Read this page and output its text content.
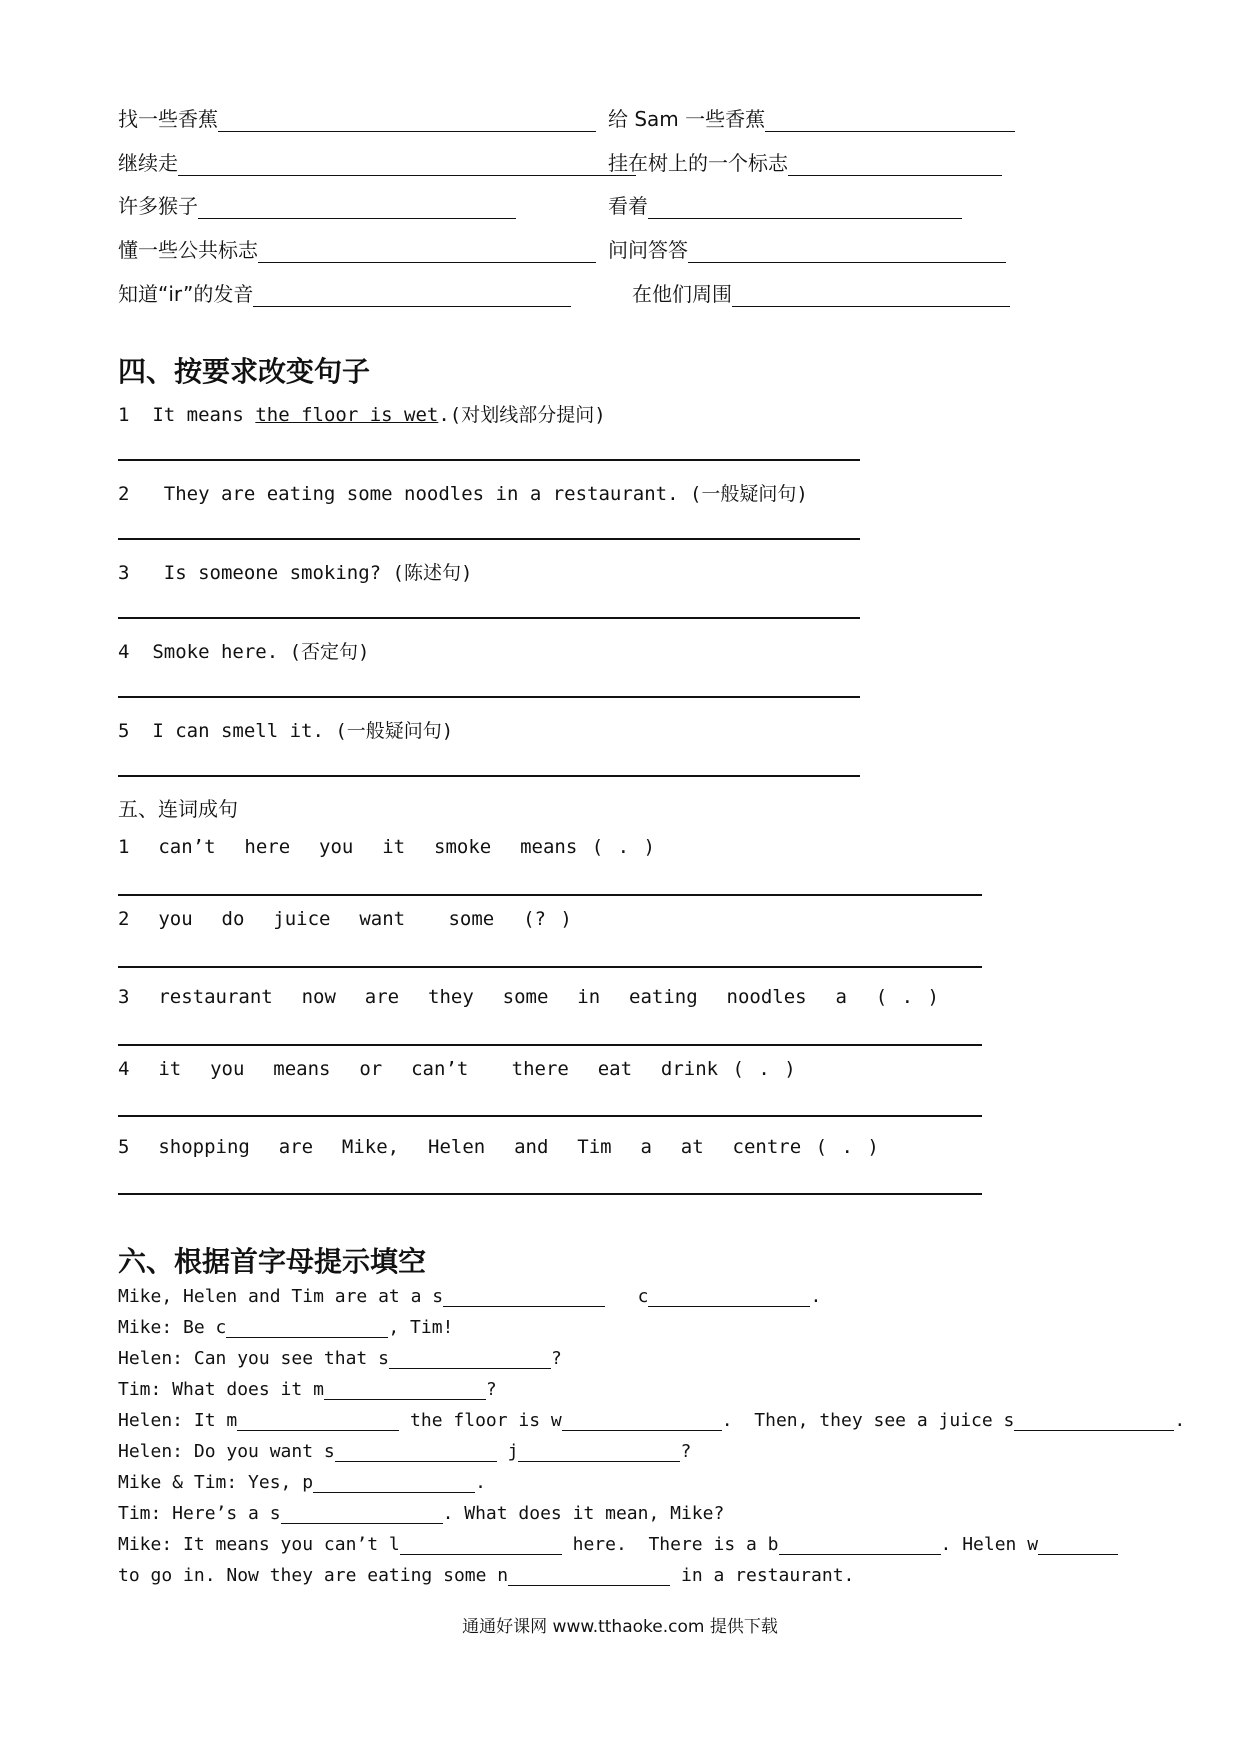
找一些香蕉	给 Sam 一些香蕉
继续走	挂在树上的一个标志
许多猴子	看着
懂一些公共标志	问问答答
知道“ir”的发音	在他们周围
四、按要求改变句子
1 It means the floor is wet.(对划线部分提问)
2 They are eating some noodles in a restaurant. (一般疑问句)
3 Is someone smoking? (陈述句)
4 Smoke here. (否定句)
5 I can smell it. (一般疑问句)
五、连词成句
1 can’t  here  you  it  smoke  means ( . )
2 you  do  juice  want   some  (? )
3 restaurant  now  are  they  some  in  eating  noodles  a  ( . )
4 it  you  means  or  can’t   there  eat  drink ( . )
5 shopping  are  Mike,  Helen  and  Tim  a  at  centre ( . )
六、根据首字母提示填空
Mike, Helen and Tim are at a s	c	.
Mike: Be c	, Tim!
Helen: Can you see that s	?
Tim: What does it m	?
Helen: It m	the floor is w	.  Then, they see a juice s	.
Helen: Do you want s	j	?
Mike & Tim: Yes, p	.
Tim: Here’s a s	. What does it mean, Mike?
Mike: It means you can’t l	here.  There is a b	. Helen w
to go in. Now they are eating some n	in a restaurant.
通通好课网 www.tthaoke.com 提供下载
